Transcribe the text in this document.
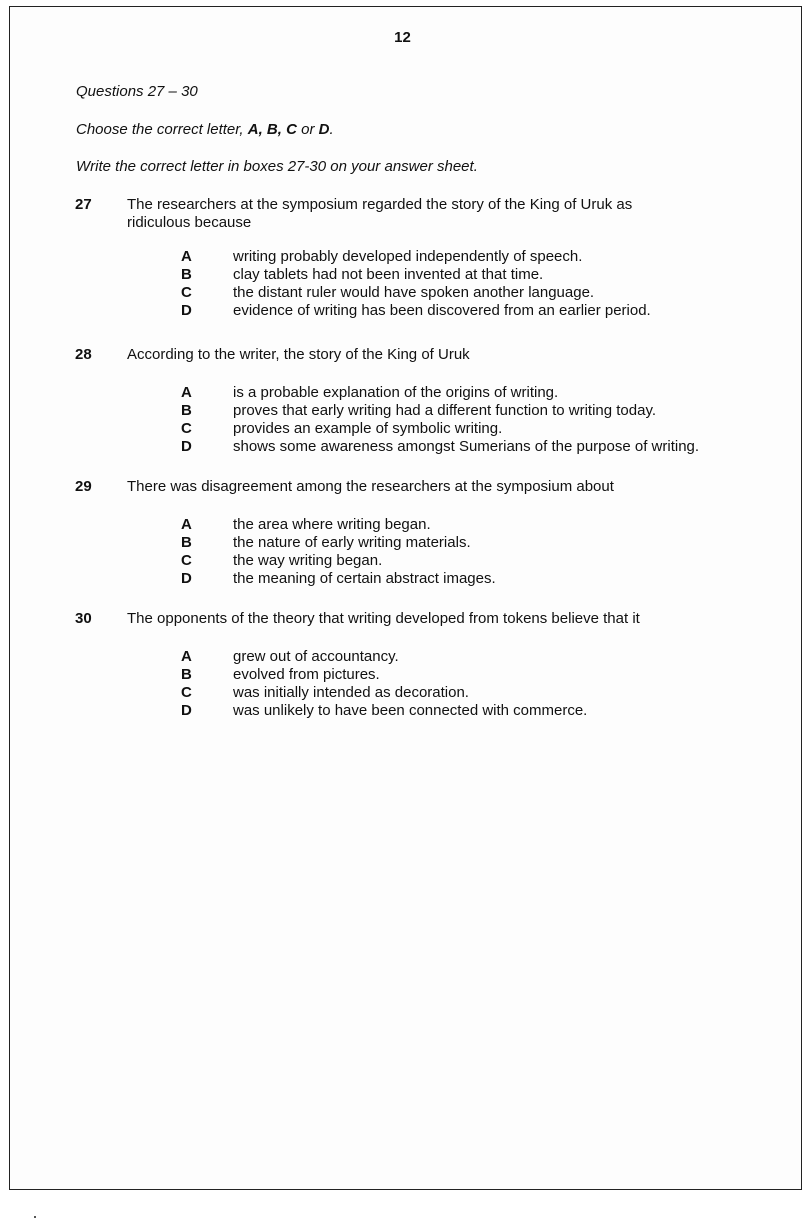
12
Questions 27 – 30
Choose the correct letter, A, B, C or D.
Write the correct letter in boxes 27-30 on your answer sheet.
27 The researchers at the symposium regarded the story of the King of Uruk as ridiculous because
A	writing probably developed independently of speech.
B	clay tablets had not been invented at that time.
C	the distant ruler would have spoken another language.
D	evidence of writing has been discovered from an earlier period.
28 According to the writer, the story of the King of Uruk
A	is a probable explanation of the origins of writing.
B	proves that early writing had a different function to writing today.
C	provides an example of symbolic writing.
D	shows some awareness amongst Sumerians of the purpose of writing.
29 There was disagreement among the researchers at the symposium about
A	the area where writing began.
B	the nature of early writing materials.
C	the way writing began.
D	the meaning of certain abstract images.
30 The opponents of the theory that writing developed from tokens believe that it
A	grew out of accountancy.
B	evolved from pictures.
C	was initially intended as decoration.
D	was unlikely to have been connected with commerce.
